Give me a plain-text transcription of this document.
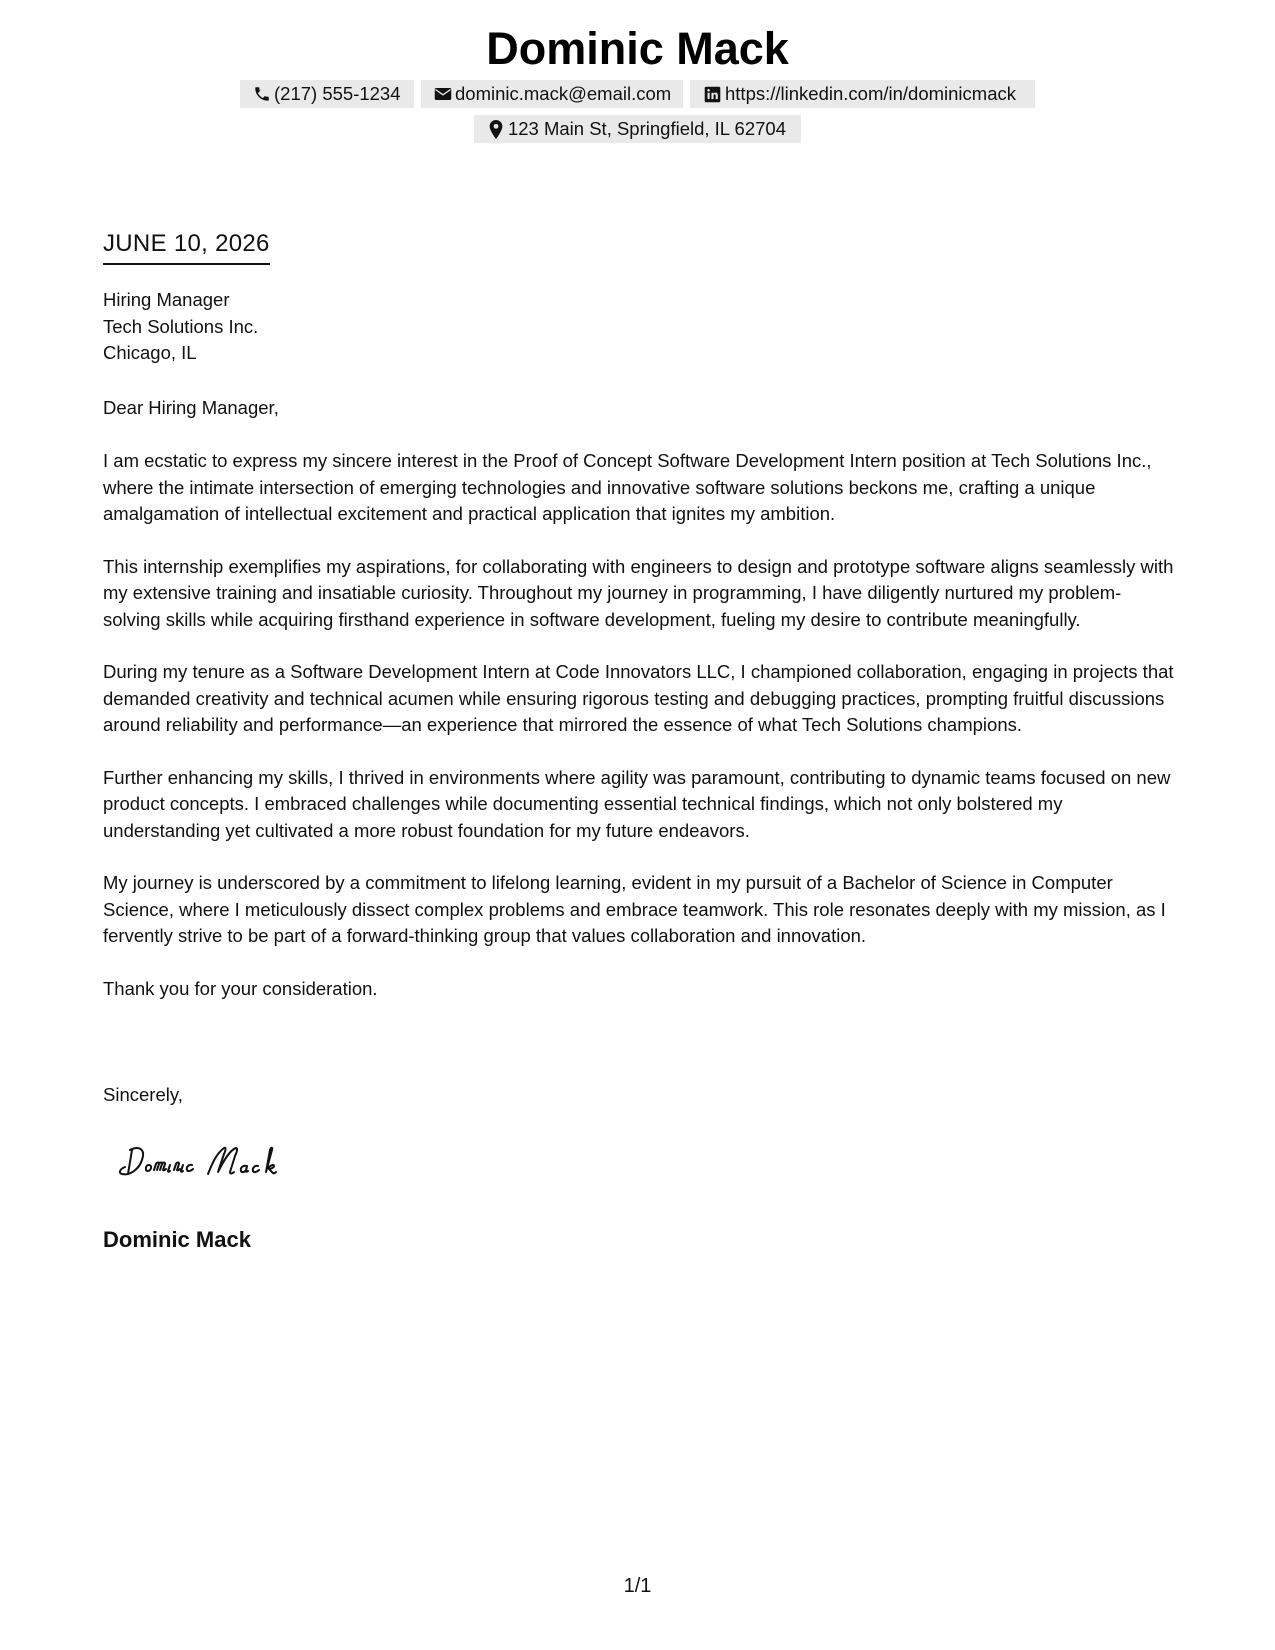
Dominic Mack
(217) 555-1234	dominic.mack@email.com	https://linkedin.com/in/dominicmack
123 Main St, Springfield, IL 62704
JUNE 10, 2026
Hiring Manager
Tech Solutions Inc.
Chicago, IL
Dear Hiring Manager,

I am ecstatic to express my sincere interest in the Proof of Concept Software Development Intern position at Tech Solutions Inc., where the intimate intersection of emerging technologies and innovative software solutions beckons me, crafting a unique amalgamation of intellectual excitement and practical application that ignites my ambition.

This internship exemplifies my aspirations, for collaborating with engineers to design and prototype software aligns seamlessly with my extensive training and insatiable curiosity. Throughout my journey in programming, I have diligently nurtured my problem-solving skills while acquiring firsthand experience in software development, fueling my desire to contribute meaningfully.

During my tenure as a Software Development Intern at Code Innovators LLC, I championed collaboration, engaging in projects that demanded creativity and technical acumen while ensuring rigorous testing and debugging practices, prompting fruitful discussions around reliability and performance—an experience that mirrored the essence of what Tech Solutions champions.

Further enhancing my skills, I thrived in environments where agility was paramount, contributing to dynamic teams focused on new product concepts. I embraced challenges while documenting essential technical findings, which not only bolstered my understanding yet cultivated a more robust foundation for my future endeavors.

My journey is underscored by a commitment to lifelong learning, evident in my pursuit of a Bachelor of Science in Computer Science, where I meticulously dissect complex problems and embrace teamwork. This role resonates deeply with my mission, as I fervently strive to be part of a forward-thinking group that values collaboration and innovation.

Thank you for your consideration.

Sincerely,
Dominic Mack
Dominic Mack
1/1
